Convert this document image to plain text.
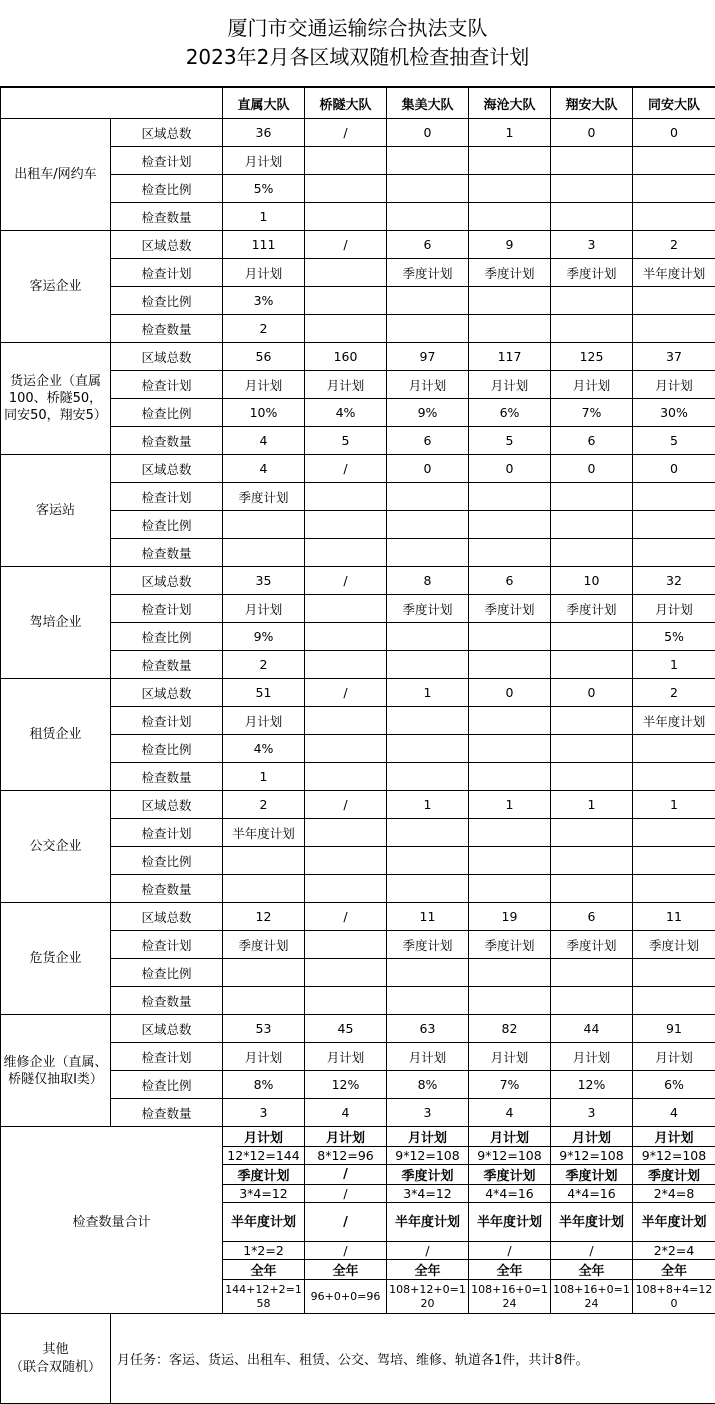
厦门市交通运输综合执法支队
2023年2月各区域双随机检查抽查计划
		直属大队	桥隧大队	集美大队	海沧大队	翔安大队	同安大队
出租车/网约车	区域总数	36	/	0	1	0	0
	检查计划	月计划					
	检查比例	5%					
	检查数量	1					
客运企业	区域总数	111	/	6	9	3	2
	检查计划	月计划		季度计划	季度计划	季度计划	半年度计划
	检查比例	3%					
	检查数量	2					
货运企业（直属100、桥隧50，同安50，翔安5）	区域总数	56	160	97	117	125	37
	检查计划	月计划	月计划	月计划	月计划	月计划	月计划
	检查比例	10%	4%	9%	6%	7%	30%
	检查数量	4	5	6	5	6	5
客运站	区域总数	4	/	0	0	0	0
	检查计划	季度计划					
	检查比例						
	检查数量						
驾培企业	区域总数	35	/	8	6	10	32
	检查计划	月计划		季度计划	季度计划	季度计划	月计划
	检查比例	9%					5%
	检查数量	2					1
租赁企业	区域总数	51	/	1	0	0	2
	检查计划	月计划					半年度计划
	检查比例	4%					
	检查数量	1					
公交企业	区域总数	2	/	1	1	1	1
	检查计划	半年度计划					
	检查比例						
	检查数量						
危货企业	区域总数	12	/	11	19	6	11
	检查计划	季度计划		季度计划	季度计划	季度计划	季度计划
	检查比例						
	检查数量						
维修企业（直属、桥隧仅抽取I类）	区域总数	53	45	63	82	44	91
	检查计划	月计划	月计划	月计划	月计划	月计划	月计划
	检查比例	8%	12%	8%	7%	12%	6%
	检查数量	3	4	3	4	3	4
检查数量合计		月计划	月计划	月计划	月计划	月计划	月计划
		12*12=144	8*12=96	9*12=108	9*12=108	9*12=108	9*12=108
		季度计划	/	季度计划	季度计划	季度计划	季度计划
		3*4=12	/	3*4=12	4*4=16	4*4=16	2*4=8
		半年度计划	/	半年度计划	半年度计划	半年度计划	半年度计划
		1*2=2	/	/	/	/	2*2=4
		全年	全年	全年	全年	全年	全年
		144+12+2=158	96+0+0=96	108+12+0=120	108+16+0=124	108+16+0=124	108+8+4=120

其他
（联合双随机）	月任务：客运、货运、出租车、租赁、公交、驾培、维修、轨道各1件，共计8件。						
